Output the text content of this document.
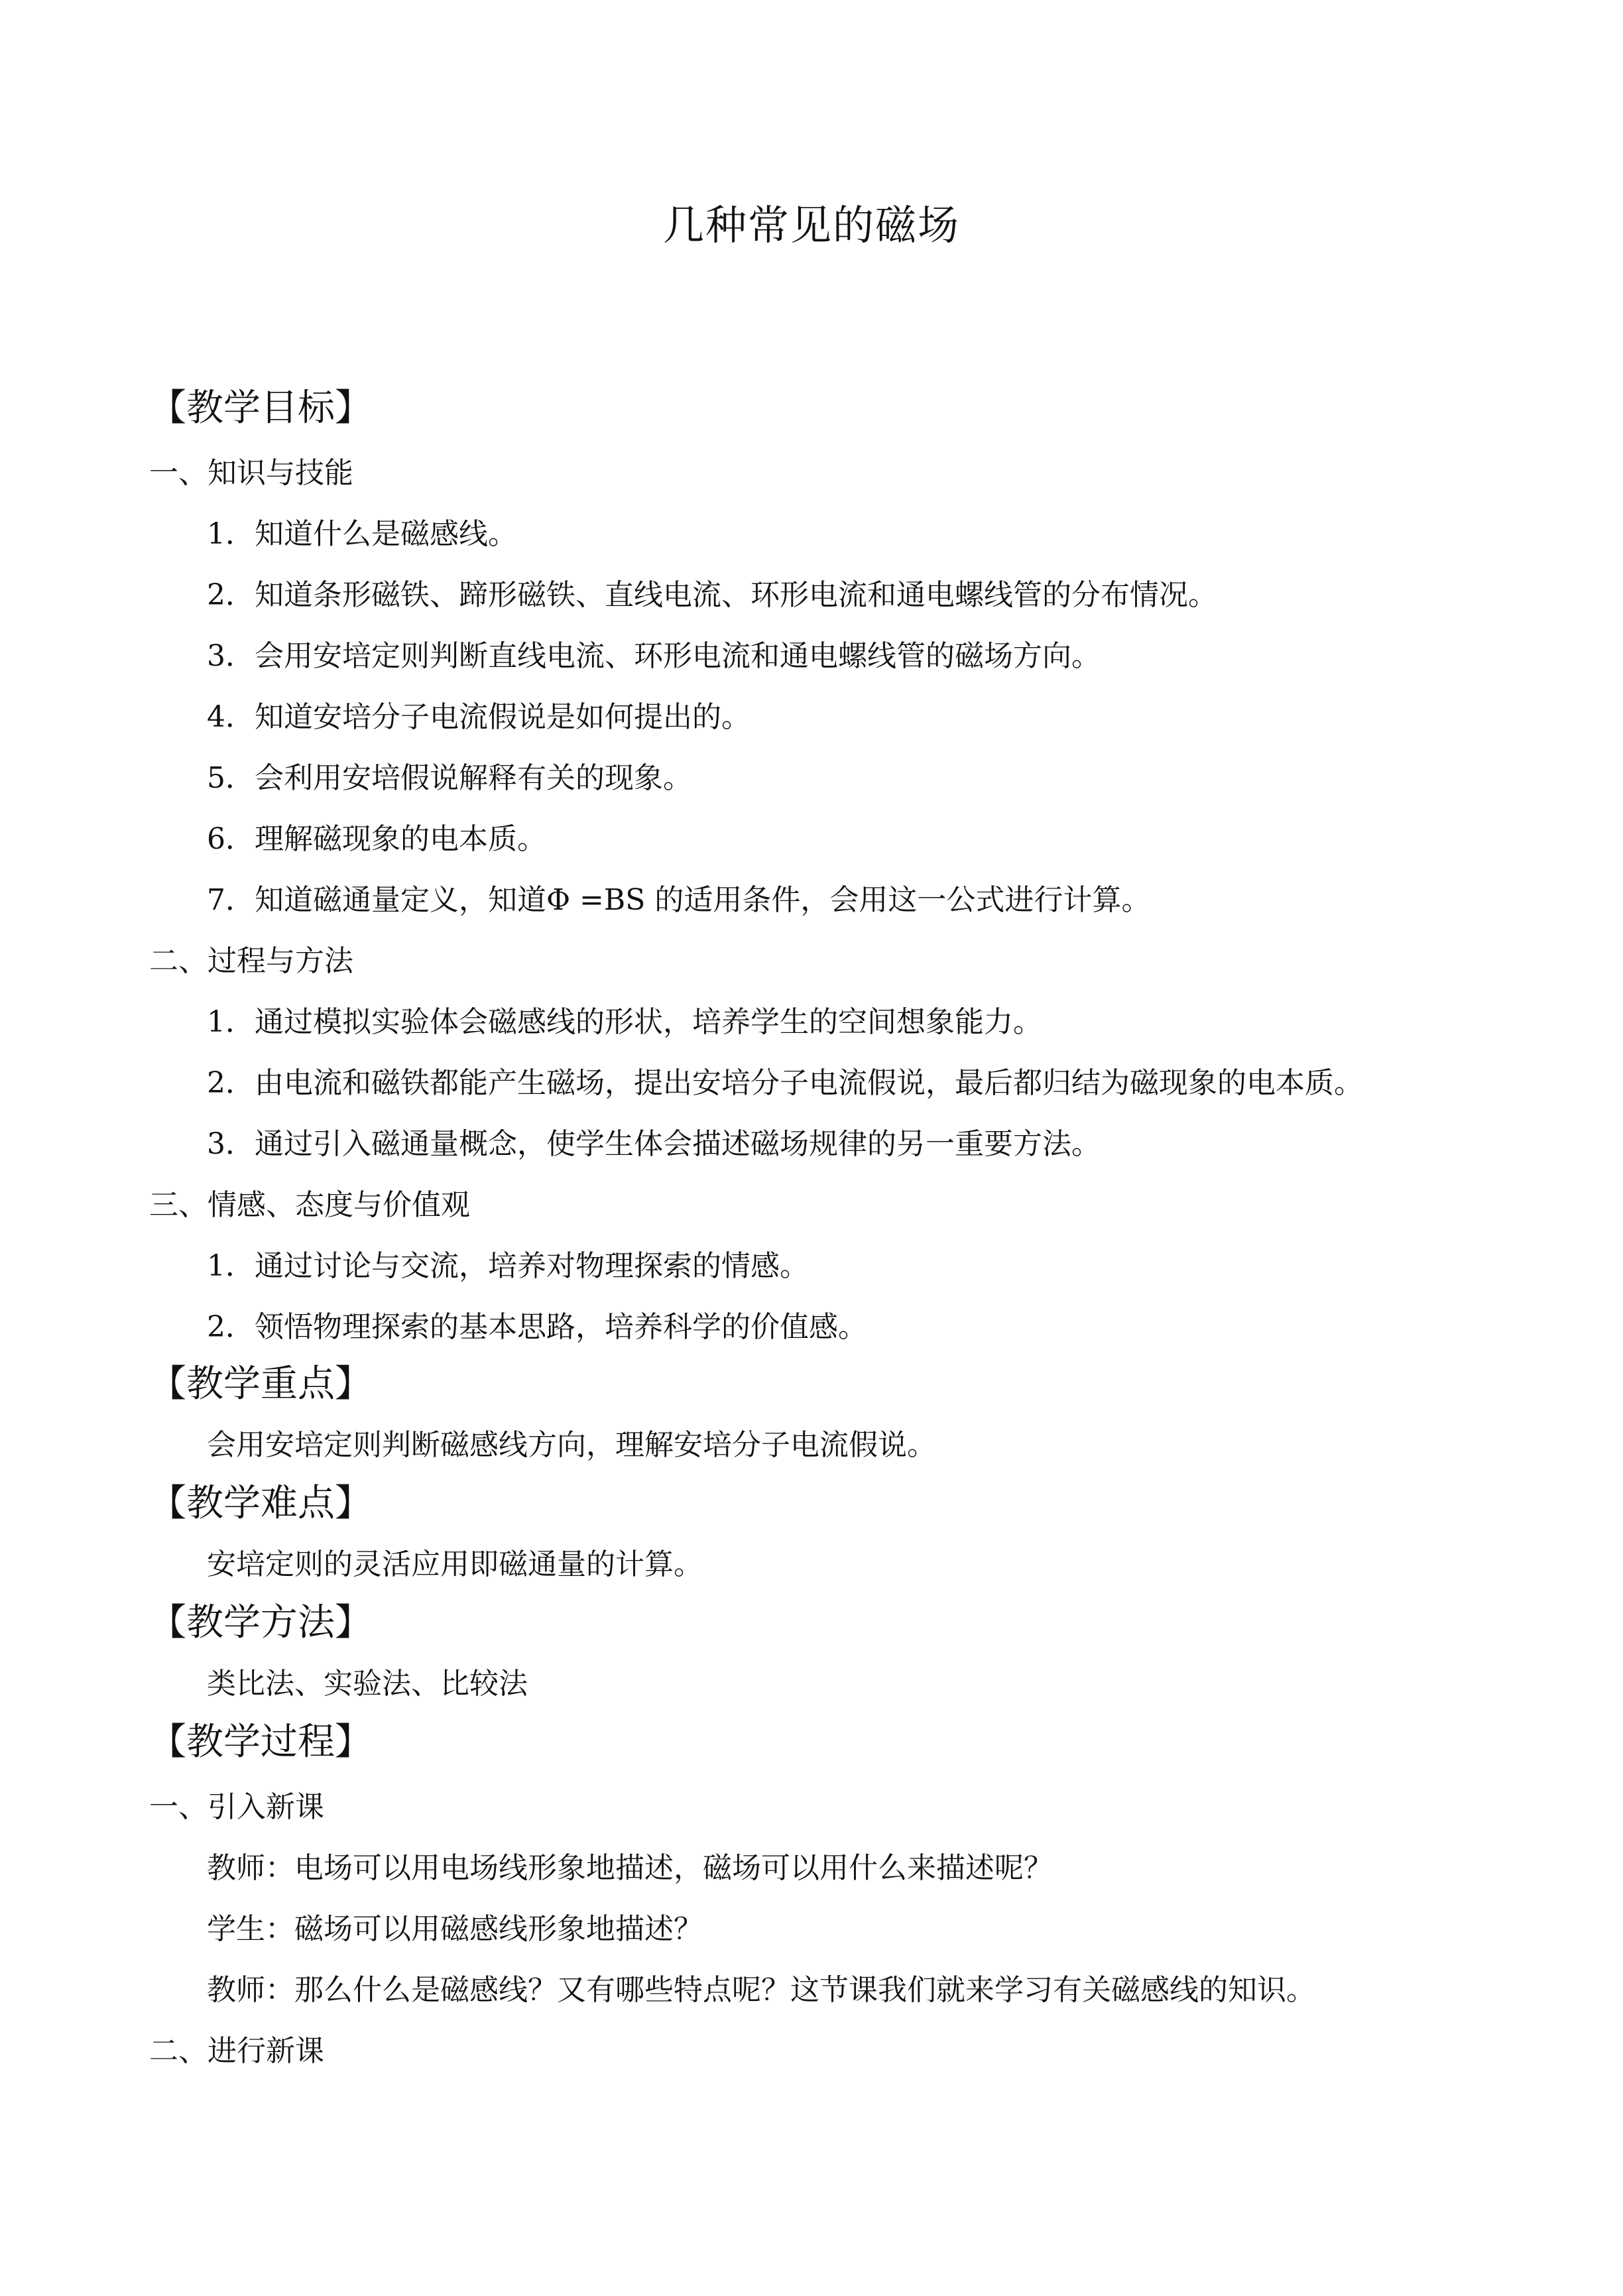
几种常见的磁场
【教学目标】
一、知识与技能
1．知道什么是磁感线。
2．知道条形磁铁、蹄形磁铁、直线电流、环形电流和通电螺线管的分布情况。
3．会用安培定则判断直线电流、环形电流和通电螺线管的磁场方向。
4．知道安培分子电流假说是如何提出的。
5．会利用安培假说解释有关的现象。
6．理解磁现象的电本质。
7．知道磁通量定义，知道Φ =BS 的适用条件，会用这一公式进行计算。
二、过程与方法
1．通过模拟实验体会磁感线的形状，培养学生的空间想象能力。
2．由电流和磁铁都能产生磁场，提出安培分子电流假说，最后都归结为磁现象的电本质。
3．通过引入磁通量概念，使学生体会描述磁场规律的另一重要方法。
三、情感、态度与价值观
1．通过讨论与交流，培养对物理探索的情感。
2．领悟物理探索的基本思路，培养科学的价值感。
【教学重点】
会用安培定则判断磁感线方向，理解安培分子电流假说。
【教学难点】
安培定则的灵活应用即磁通量的计算。
【教学方法】
类比法、实验法、比较法
【教学过程】
一、引入新课
教师：电场可以用电场线形象地描述，磁场可以用什么来描述呢？
学生：磁场可以用磁感线形象地描述？
教师：那么什么是磁感线？又有哪些特点呢？这节课我们就来学习有关磁感线的知识。
二、进行新课
